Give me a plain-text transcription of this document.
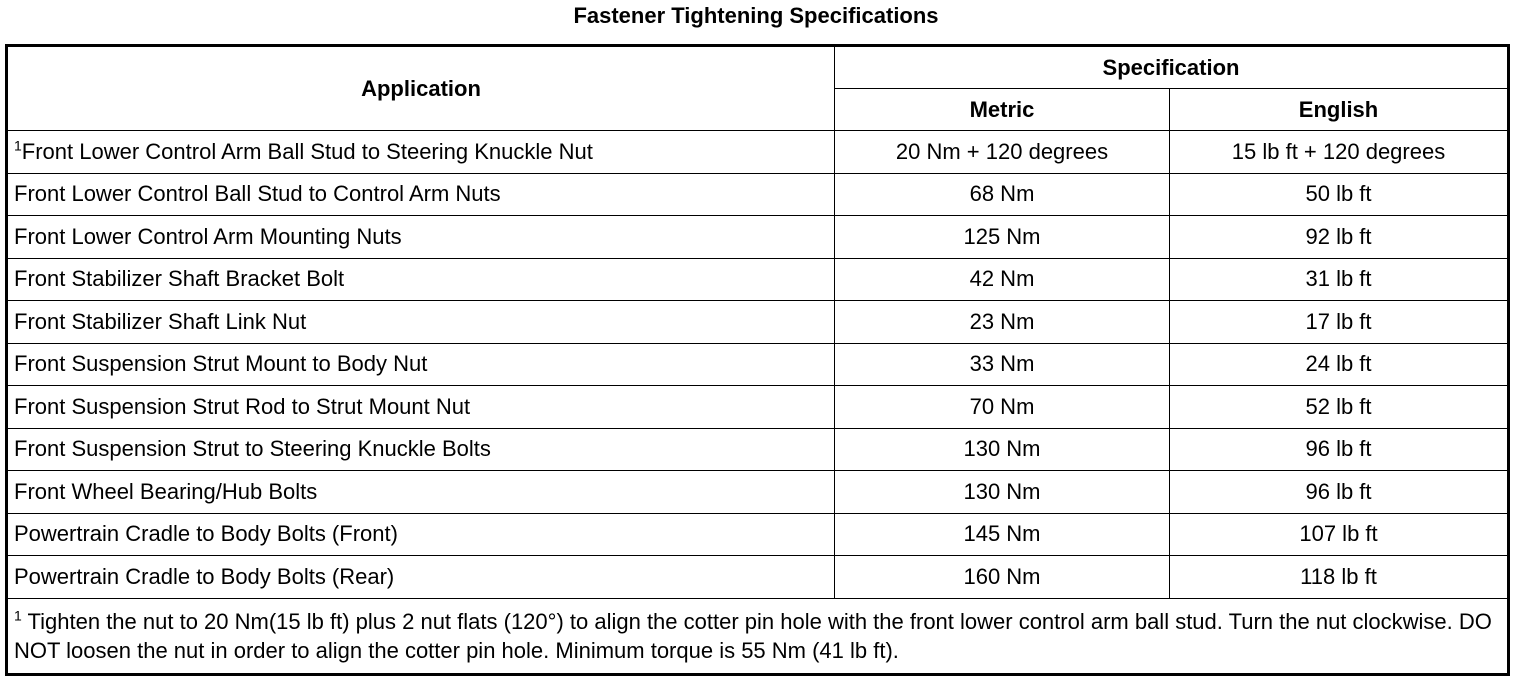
Fastener Tightening Specifications
Application	Specification	
	Metric	English
$^1$Front Lower Control Arm Ball Stud to Steering Knuckle Nut	20 Nm + 120 degrees	15 lb ft + 120 degrees
Front Lower Control Ball Stud to Control Arm Nuts	68 Nm	50 lb ft
Front Lower Control Arm Mounting Nuts	125 Nm	92 lb ft
Front Stabilizer Shaft Bracket Bolt	42 Nm	31 lb ft
Front Stabilizer Shaft Link Nut	23 Nm	17 lb ft
Front Suspension Strut Mount to Body Nut	33 Nm	24 lb ft
Front Suspension Strut Rod to Strut Mount Nut	70 Nm	52 lb ft
Front Suspension Strut to Steering Knuckle Bolts	130 Nm	96 lb ft
Front Wheel Bearing/Hub Bolts	130 Nm	96 lb ft
Powertrain Cradle to Body Bolts (Front)	145 Nm	107 lb ft
Powertrain Cradle to Body Bolts (Rear)	160 Nm	118 lb ft
$^1$ Tighten the nut to 20 Nm(15 lb ft) plus 2 nut flats (120°) to align the cotter pin hole with the front lower control arm ball stud. Turn the nut clockwise. DO NOT loosen the nut in order to align the cotter pin hole. Minimum torque is 55 Nm (41 lb ft).		
